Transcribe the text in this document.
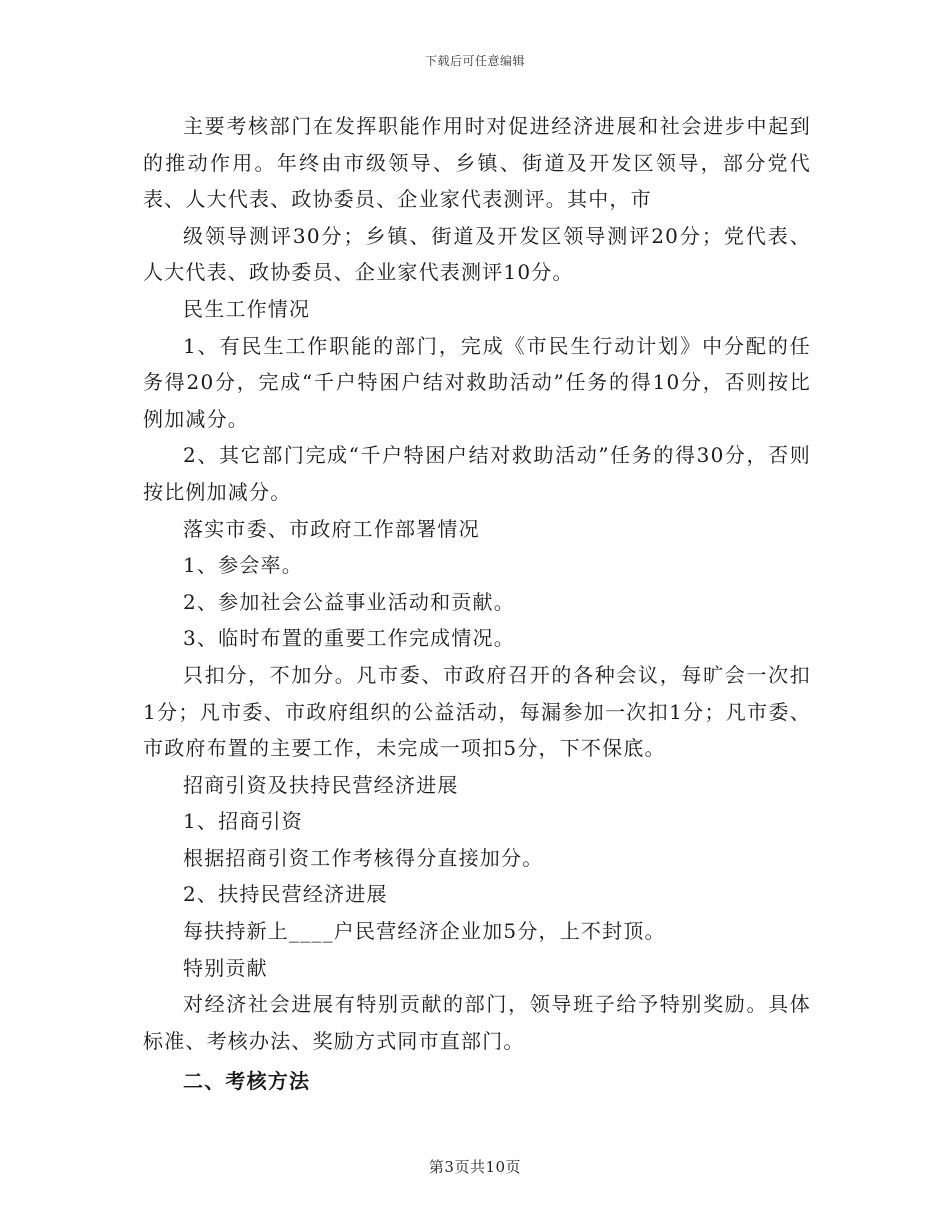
下载后可任意编辑

主要考核部门在发挥职能作用时对促进经济进展和社会进步中起到的推动作用。年终由市级领导、乡镇、街道及开发区领导，部分党代表、人大代表、政协委员、企业家代表测评。其中，市

级领导测评30分；乡镇、街道及开发区领导测评20分；党代表、人大代表、政协委员、企业家代表测评10分。

民生工作情况

1、有民生工作职能的部门，完成《市民生行动计划》中分配的任务得20分，完成“千户特困户结对救助活动”任务的得10分，否则按比例加减分。

2、其它部门完成“千户特困户结对救助活动”任务的得30分，否则按比例加减分。

落实市委、市政府工作部署情况

1、参会率。

2、参加社会公益事业活动和贡献。

3、临时布置的重要工作完成情况。

只扣分，不加分。凡市委、市政府召开的各种会议，每旷会一次扣1分；凡市委、市政府组织的公益活动，每漏参加一次扣1分；凡市委、市政府布置的主要工作，未完成一项扣5分，下不保底。

招商引资及扶持民营经济进展

1、招商引资

根据招商引资工作考核得分直接加分。

2、扶持民营经济进展

每扶持新上____户民营经济企业加5分，上不封顶。

特别贡献

对经济社会进展有特别贡献的部门，领导班子给予特别奖励。具体标准、考核办法、奖励方式同市直部门。

二、考核方法

第3页共10页
